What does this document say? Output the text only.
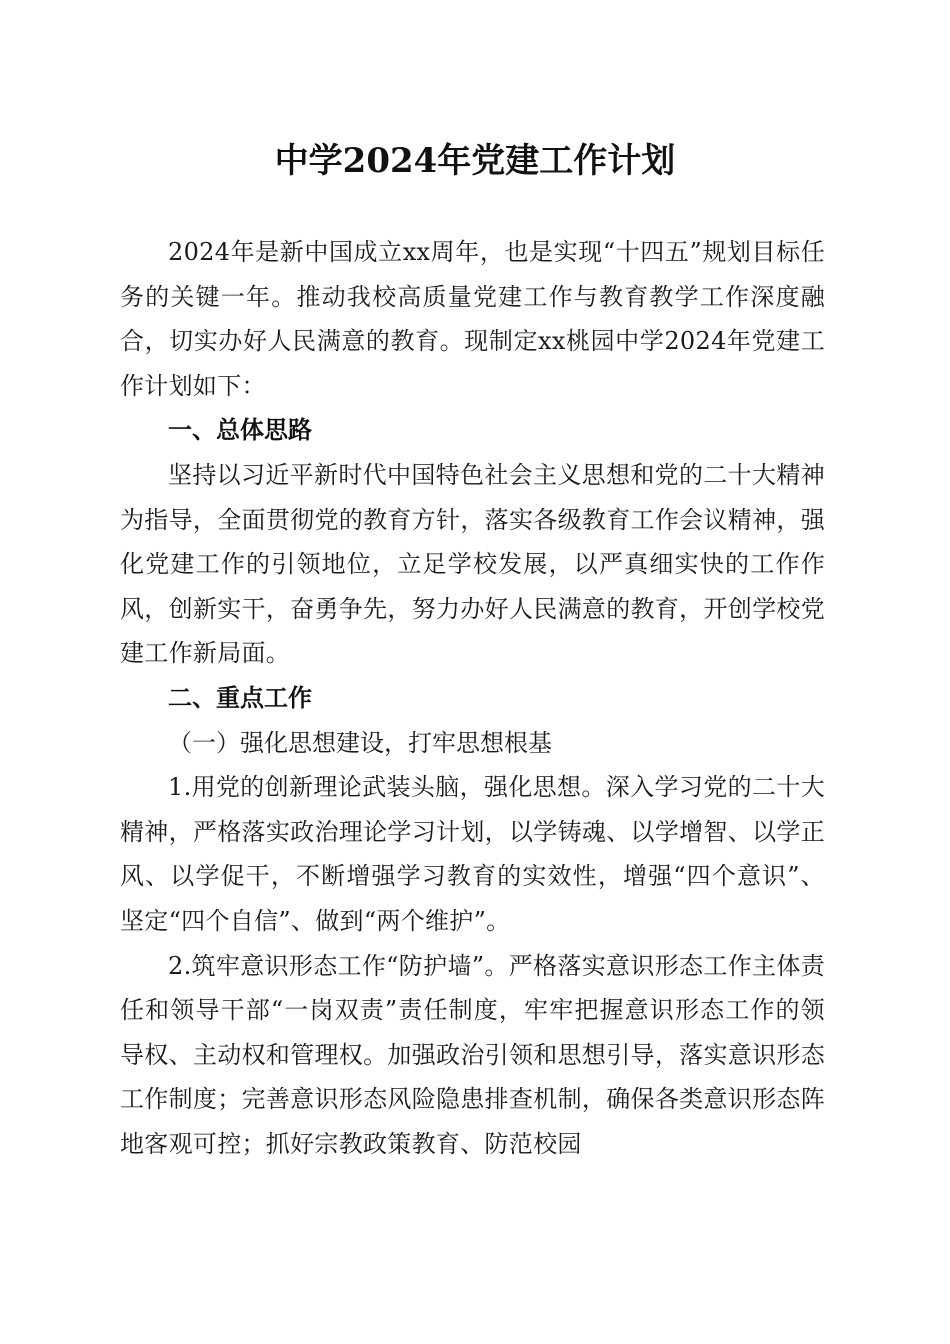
中学2024年党建工作计划

2024年是新中国成立xx周年，也是实现“十四五”规划目标任务的关键一年。推动我校高质量党建工作与教育教学工作深度融合，切实办好人民满意的教育。现制定xx桃园中学2024年党建工作计划如下：

一、总体思路

坚持以习近平新时代中国特色社会主义思想和党的二十大精神为指导，全面贯彻党的教育方针，落实各级教育工作会议精神，强化党建工作的引领地位，立足学校发展，以严真细实快的工作作风，创新实干，奋勇争先，努力办好人民满意的教育，开创学校党建工作新局面。

二、重点工作

（一）强化思想建设，打牢思想根基

1.用党的创新理论武装头脑，强化思想。深入学习党的二十大精神，严格落实政治理论学习计划，以学铸魂、以学增智、以学正风、以学促干，不断增强学习教育的实效性，增强“四个意识”、坚定“四个自信”、做到“两个维护”。

2.筑牢意识形态工作“防护墙”。严格落实意识形态工作主体责任和领导干部“一岗双责”责任制度，牢牢把握意识形态工作的领导权、主动权和管理权。加强政治引领和思想引导，落实意识形态工作制度；完善意识形态风险隐患排查机制，确保各类意识形态阵地客观可控；抓好宗教政策教育、防范校园
